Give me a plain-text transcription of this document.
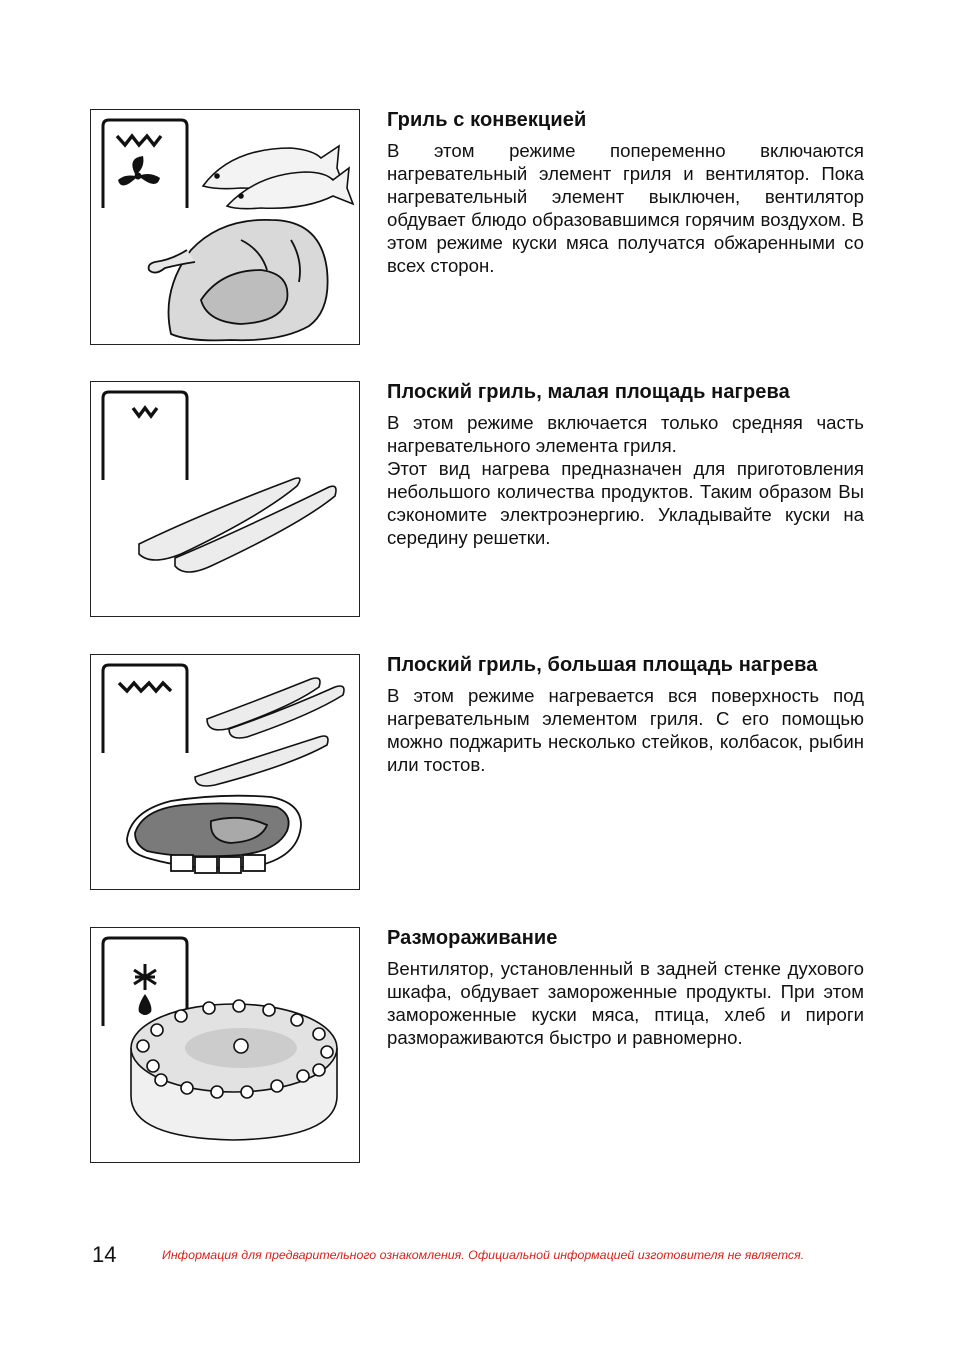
Гриль с конвекцией

В этом режиме попеременно включаются нагревательный элемент гриля и вентилятор. Пока нагревательный элемент выключен, вентилятор обдувает блюдо образовавшимся горячим воздухом. В этом режиме куски мяса получатся обжаренными со всех сторон.

Плоский гриль, малая площадь нагрева

В этом режиме включается только средняя часть нагревательного элемента гриля.

Этот вид нагрева предназначен для приготовления небольшого количества продуктов. Таким образом Вы сэкономите электроэнергию. Укладывайте куски на середину решетки.

Плоский гриль, большая площадь нагрева

В этом режиме нагревается вся поверхность под нагревательным элементом гриля. С его помощью можно поджарить несколько стейков, колбасок, рыбин или тостов.

Размораживание

Вентилятор, установленный в задней стенке духового шкафа, обдувает замороженные продукты. При этом замороженные куски мяса, птица, хлеб и пироги размораживаются быстро и равномерно.

14	Информация для предварительного ознакомления. Официальной информацией изготовителя не является.
